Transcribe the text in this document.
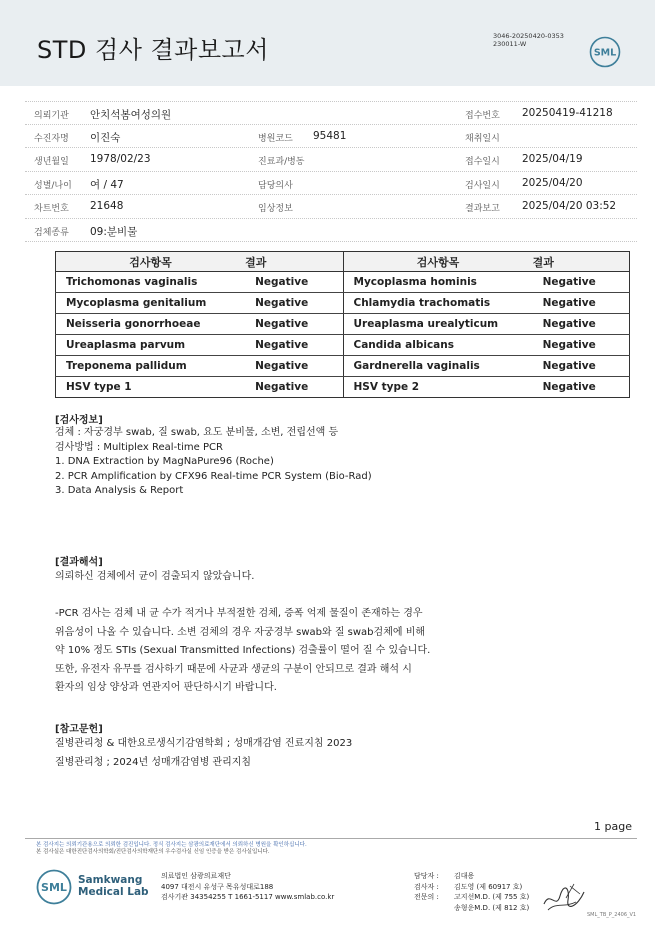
STD 검사 결과보고서	3046-20250420-0353
230011-W
SML
의뢰기관 안치석봄여성의원	접수번호 20250419-41218
수진자명 이진숙	병원코드 95481	채취일시
생년월일 1978/02/23	진료과/병동	접수일시 2025/04/19
성별/나이 여 / 47	담당의사	검사일시 2025/04/20
차트번호 21648	임상정보	결과보고 2025/04/20 03:52
검체종류 09:분비물
검사항목	결과	검사항목	결과
Trichomonas vaginalis	Negative	Mycoplasma hominis	Negative
Mycoplasma genitalium	Negative	Chlamydia trachomatis	Negative
Neisseria gonorrhoeae	Negative	Ureaplasma urealyticum	Negative
Ureaplasma parvum	Negative	Candida albicans	Negative
Treponema pallidum	Negative	Gardnerella vaginalis	Negative
HSV type 1	Negative	HSV type 2	Negative
[검사정보]
검체 : 자궁경부 swab, 질 swab, 요도 분비물, 소변, 전립선액 등
검사방법 : Multiplex Real-time PCR
1. DNA Extraction by MagNaPure96 (Roche)
2. PCR Amplification by CFX96 Real-time PCR System (Bio-Rad)
3. Data Analysis & Report
[결과해석]
의뢰하신 검체에서 균이 검출되지 않았습니다.
-PCR 검사는 검체 내 균 수가 적거나 부적절한 검체, 증폭 억제 물질이 존재하는 경우
위음성이 나올 수 있습니다. 소변 검체의 경우 자궁경부 swab와 질 swab검체에 비해
약 10% 정도 STIs (Sexual Transmitted Infections) 검출률이 떨어 질 수 있습니다.
또한, 유전자 유무를 검사하기 때문에 사균과 생균의 구분이 안되므로 결과 해석 시
환자의 임상 양상과 연관지어 판단하시기 바랍니다.
[참고문헌]
질병관리청 & 대한요로생식기감염학회 ; 성매개감염 진료지침 2023
질병관리청 ; 2024년 성매개감염병 관리지침
1 page
본 검사지는 의뢰기관용으로 의뢰한 검진입니다. 정식 검사지는 삼광의료재단에서 의뢰하신 병원을 확인하십니다.
본 검사실은 대한진단검사의학회/진단검사의학재단의 우수검사실 신임 인증을 받은 검사실입니다.
SML
Samkwang
Medical Lab
의료법인 삼광의료재단
4097 대전시 유성구 목유성대로188
검사기관 34354255 T 1661-5117 www.smlab.co.kr
담당자 : 김대용
검사자 : 김도영 (제 60917 호)
전문의 : 고지선M.D. (제 755 호)
송형운M.D. (제 812 호)
SML_TB_P_2406_V1
